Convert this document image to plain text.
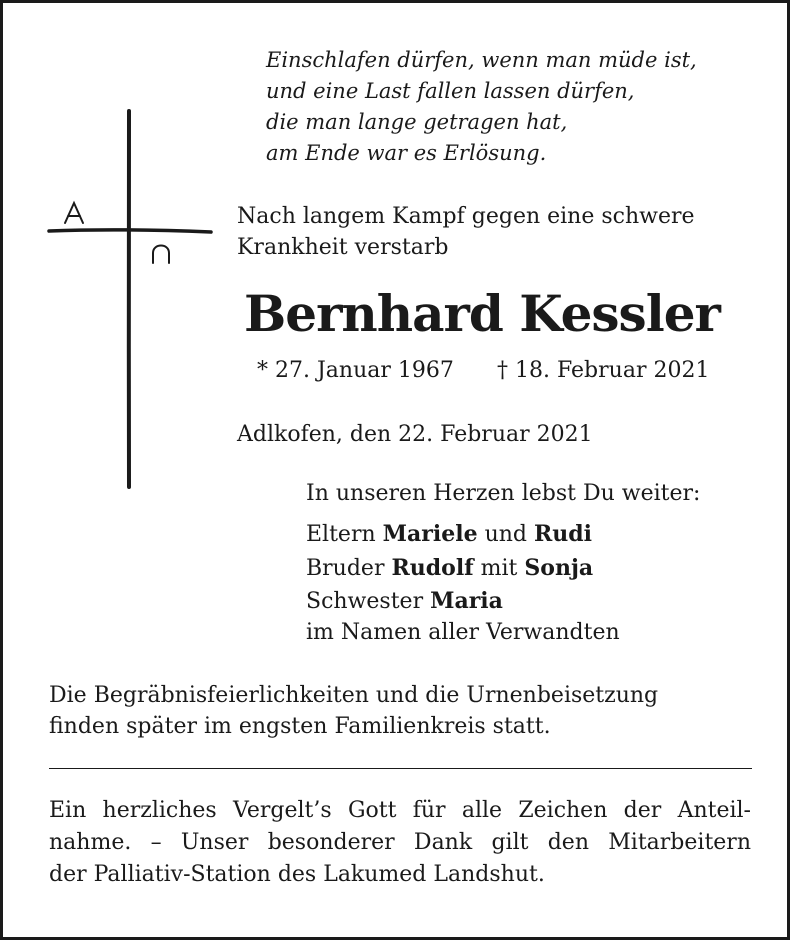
Einschlafen dürfen, wenn man müde ist,
und eine Last fallen lassen dürfen,
die man lange getragen hat,
am Ende war es Erlösung.
Nach langem Kampf gegen eine schwere
Krankheit verstarb
Bernhard Kessler
* 27. Januar 1967 † 18. Februar 2021
Adlkofen, den 22. Februar 2021
In unseren Herzen lebst Du weiter:
Eltern Mariele und Rudi
Bruder Rudolf mit Sonja
Schwester Maria
im Namen aller Verwandten
Die Begräbnisfeierlichkeiten und die Urnenbeisetzung
finden später im engsten Familienkreis statt.
Ein herzliches Vergelt’s Gott für alle Zeichen der Anteil-
nahme. – Unser besonderer Dank gilt den Mitarbeitern
der Palliativ-Station des Lakumed Landshut.
